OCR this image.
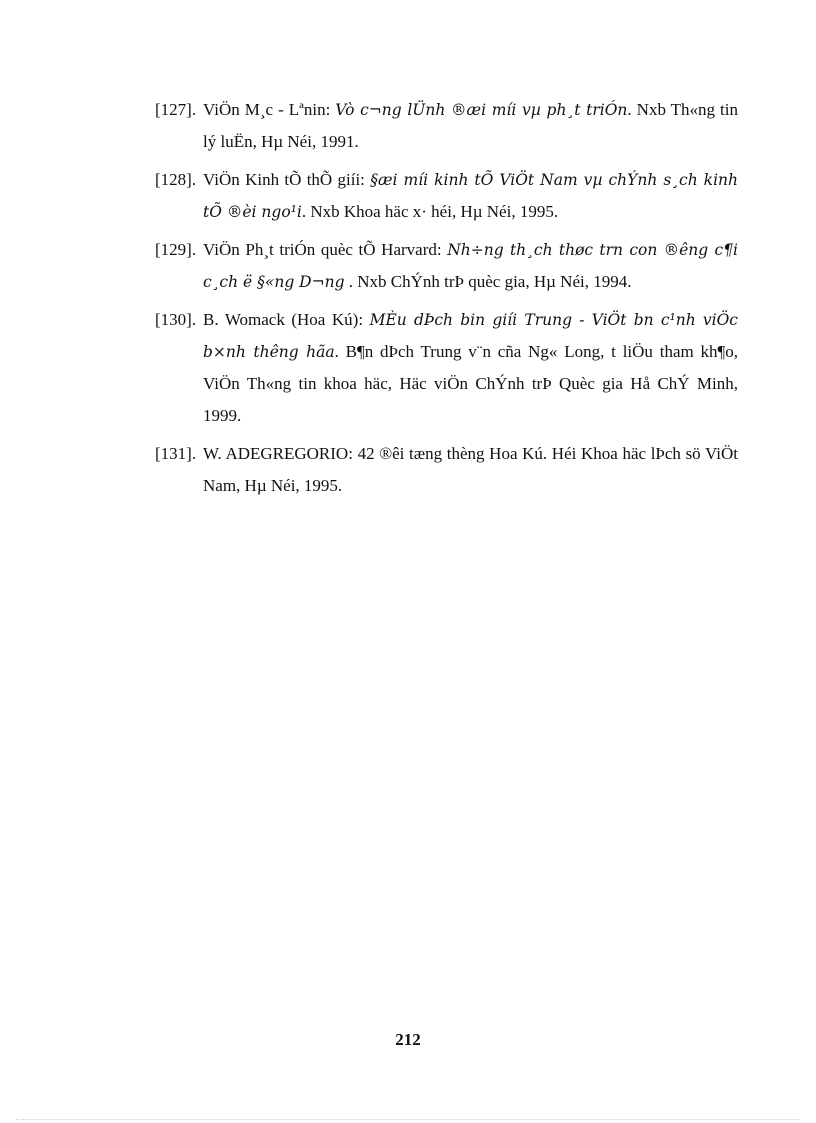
[127]. ViÖn M¸c - Lªnin: Vò c¬ng lÜnh ®æi míi vµ ph¸t triÓn. Nxb Th«ng tin lý luËn, Hµ Néi, 1991.
[128]. ViÖn Kinh tÕ thÕ giíi: §æi míi kinh tÕ ViÖt Nam vµ chÝnh s¸ch kinh tÕ ®èi ngo¹i. Nxb Khoa häc x· héi, Hµ Néi, 1995.
[129]. ViÖn Ph¸t triÓn quèc tÕ Harvard: Nh÷ng th¸ch thøc trn con ®êng c¶i c¸ch ë §«ng D¬ng . Nxb ChÝnh trÞ quèc gia, Hµ Néi, 1994.
[130]. B. Womack (Hoa Kú): MÈu dÞch bin giíi Trung - ViÖt bn c¹nh viÖc b×nh thêng hãa. B¶n dÞch Trung v¨n cña Ng« Long, t liÖu tham kh¶o, ViÖn Th«ng tin khoa häc, Häc viÖn ChÝnh trÞ Quèc gia Hå ChÝ Minh, 1999.
[131]. W. ADEGREGORIO: 42 ®êi tæng thèng Hoa Kú. Héi Khoa häc lÞch sö ViÖt Nam, Hµ Néi, 1995.
212
